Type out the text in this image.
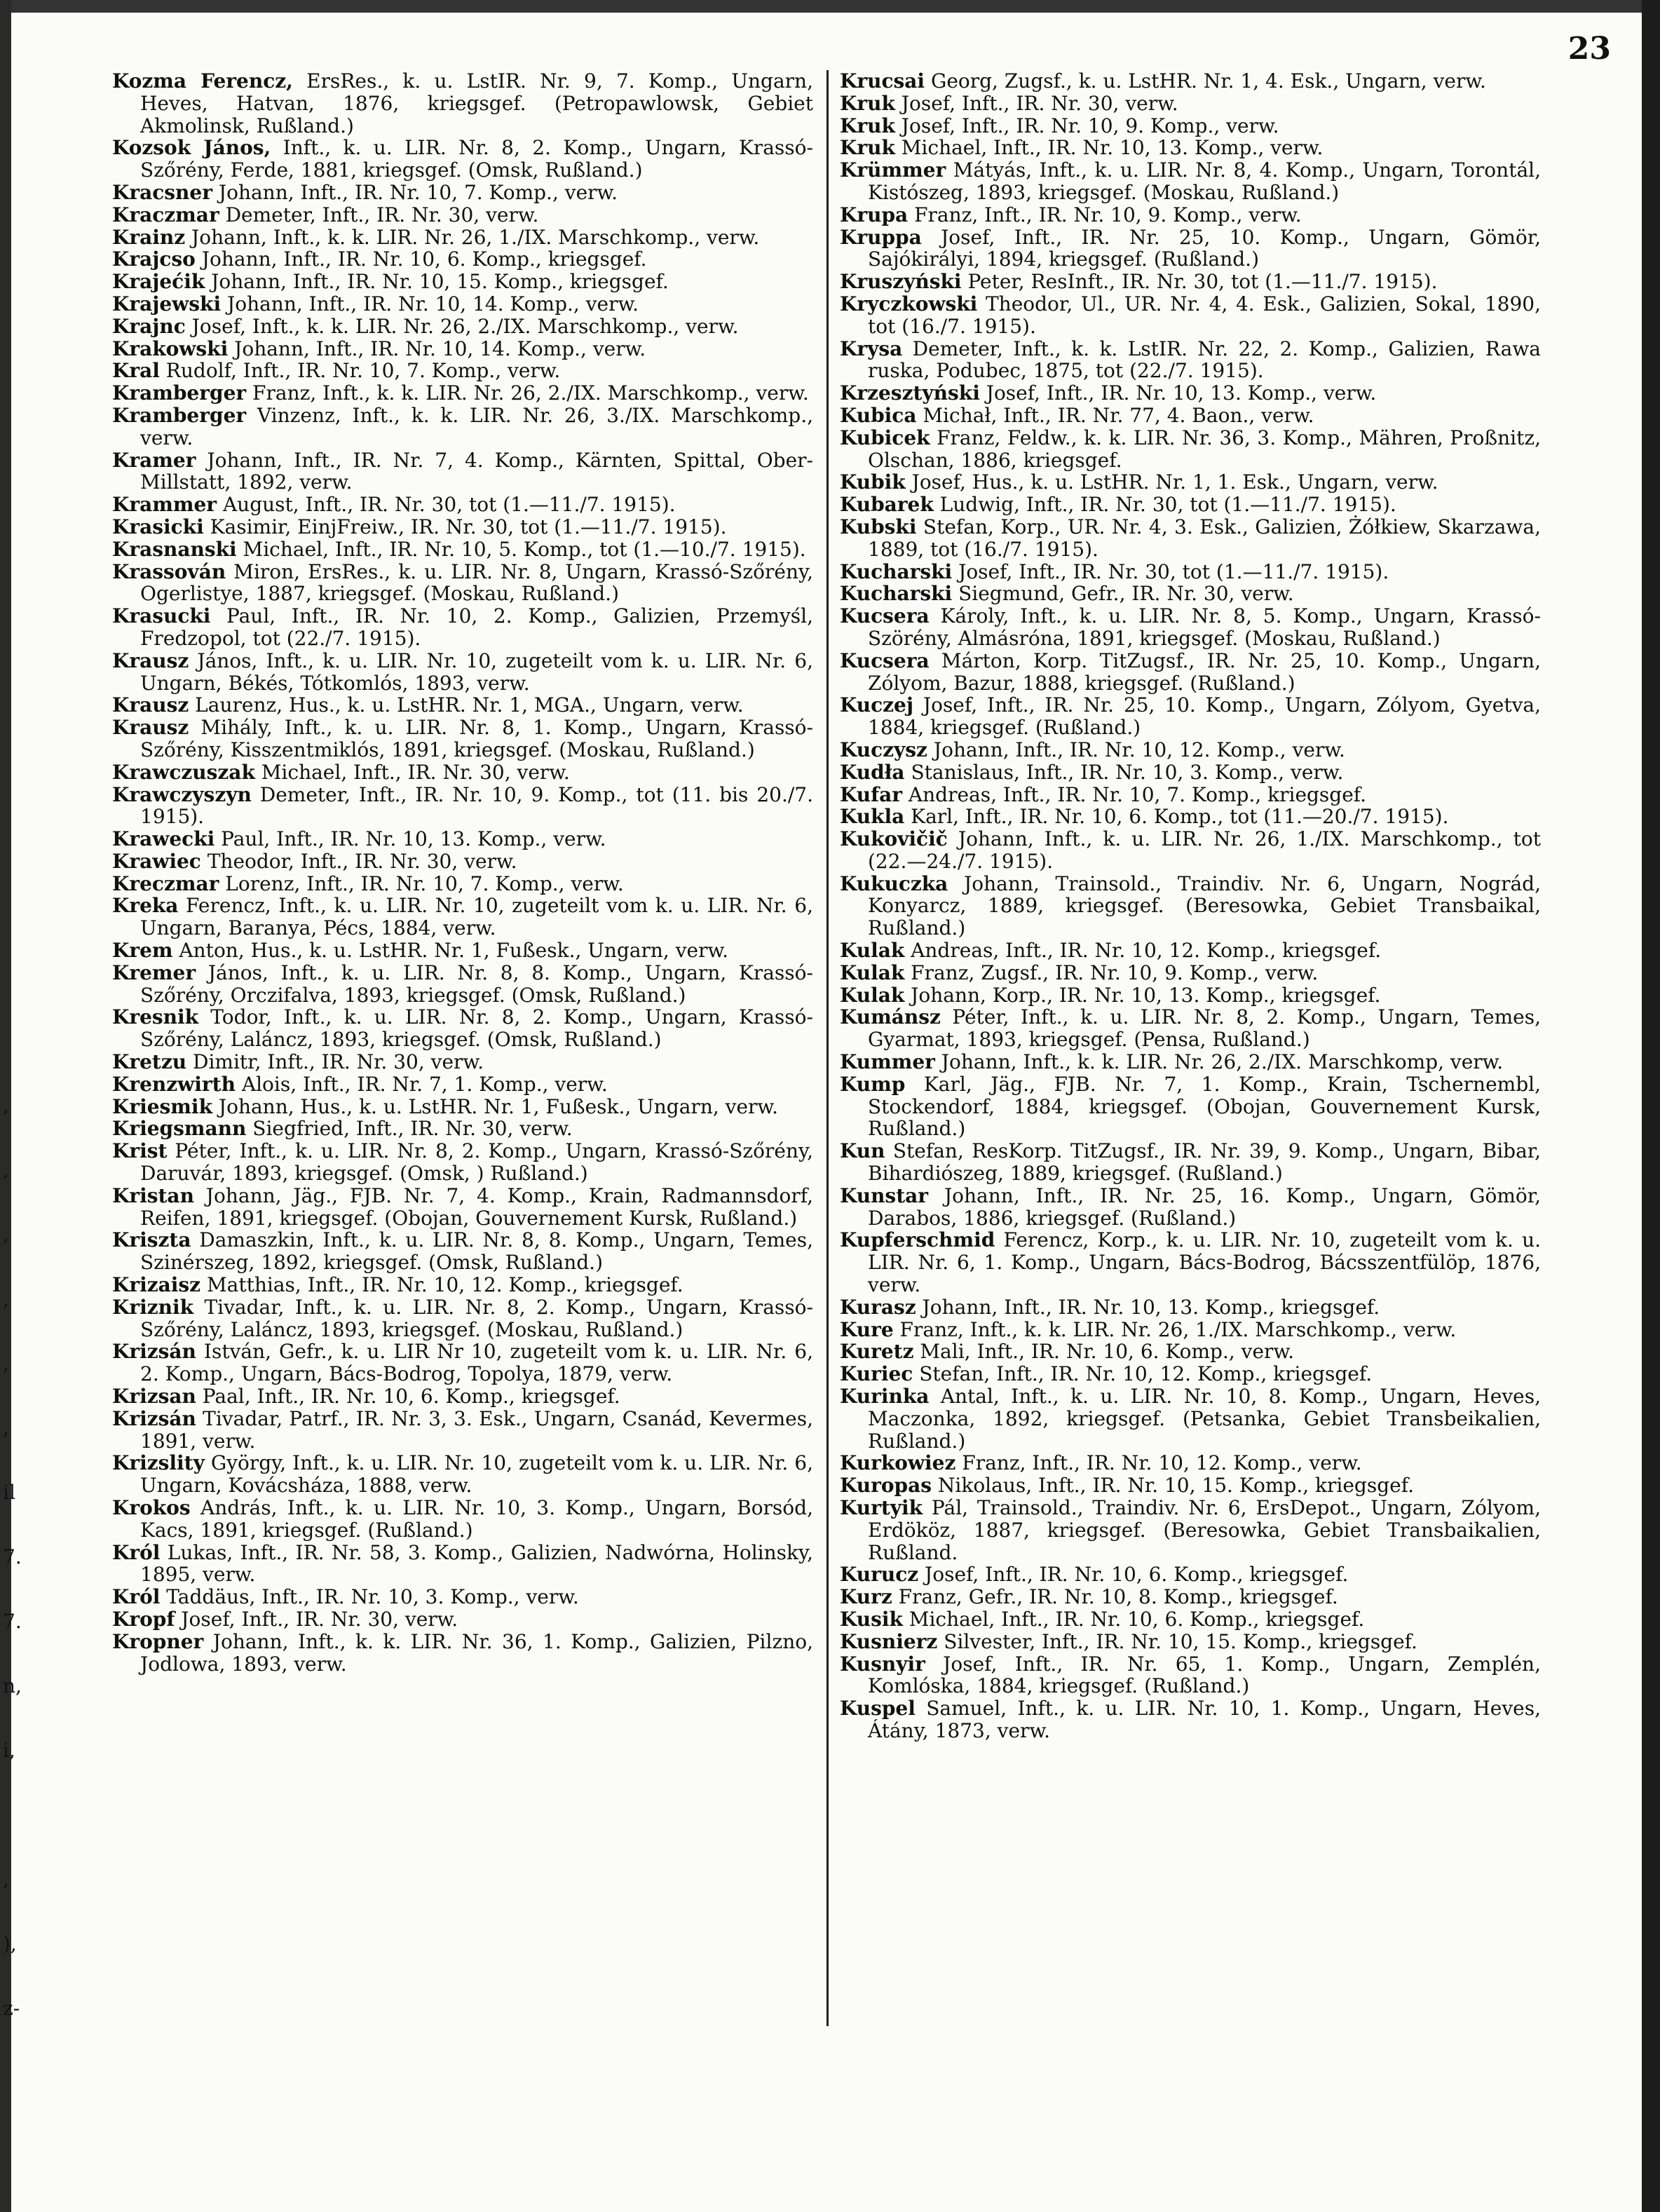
23
,
,
,
,
,
,
il
7.
7.
n,
i,
,
),
z-

Kozma Ferencz, ErsRes., k. u. LstIR. Nr. 9, 7. Komp., Ungarn, Heves, Hatvan, 1876, kriegsgef. (Petropawlowsk, Gebiet Akmolinsk, Rußland.)

Kozsok János, Inft., k. u. LIR. Nr. 8, 2. Komp., Ungarn, Krassó-Szőrény, Ferde, 1881, kriegsgef. (Omsk, Rußland.)

Kracsner Johann, Inft., IR. Nr. 10, 7. Komp., verw.

Kraczmar Demeter, Inft., IR. Nr. 30, verw.

Krainz Johann, Inft., k. k. LIR. Nr. 26, 1./IX. Marschkomp., verw.

Krajcso Johann, Inft., IR. Nr. 10, 6. Komp., kriegsgef.

Krajećik Johann, Inft., IR. Nr. 10, 15. Komp., kriegsgef.

Krajewski Johann, Inft., IR. Nr. 10, 14. Komp., verw.

Krajnc Josef, Inft., k. k. LIR. Nr. 26, 2./IX. Marschkomp., verw.

Krakowski Johann, Inft., IR. Nr. 10, 14. Komp., verw.

Kral Rudolf, Inft., IR. Nr. 10, 7. Komp., verw.

Kramberger Franz, Inft., k. k. LIR. Nr. 26, 2./IX. Marschkomp., verw.

Kramberger Vinzenz, Inft., k. k. LIR. Nr. 26, 3./IX. Marschkomp., verw.

Kramer Johann, Inft., IR. Nr. 7, 4. Komp., Kärnten, Spittal, Ober-Millstatt, 1892, verw.

Krammer August, Inft., IR. Nr. 30, tot (1.—11./7. 1915).

Krasicki Kasimir, EinjFreiw., IR. Nr. 30, tot (1.—11./7. 1915).

Krasnanski Michael, Inft., IR. Nr. 10, 5. Komp., tot (1.—10./7. 1915).

Krassován Miron, ErsRes., k. u. LIR. Nr. 8, Ungarn, Krassó-Szőrény, Ogerlistye, 1887, kriegsgef. (Moskau, Rußland.)

Krasucki Paul, Inft., IR. Nr. 10, 2. Komp., Galizien, Przemyśl, Fredzopol, tot (22./7. 1915).

Krausz János, Inft., k. u. LIR. Nr. 10, zugeteilt vom k. u. LIR. Nr. 6, Ungarn, Békés, Tótkomlós, 1893, verw.

Krausz Laurenz, Hus., k. u. LstHR. Nr. 1, MGA., Ungarn, verw.

Krausz Mihály, Inft., k. u. LIR. Nr. 8, 1. Komp., Ungarn, Krassó-Szőrény, Kisszentmiklós, 1891, kriegsgef. (Moskau, Rußland.)

Krawczuszak Michael, Inft., IR. Nr. 30, verw.

Krawczyszyn Demeter, Inft., IR. Nr. 10, 9. Komp., tot (11. bis 20./7. 1915).

Krawecki Paul, Inft., IR. Nr. 10, 13. Komp., verw.

Krawiec Theodor, Inft., IR. Nr. 30, verw.

Kreczmar Lorenz, Inft., IR. Nr. 10, 7. Komp., verw.

Kreka Ferencz, Inft., k. u. LIR. Nr. 10, zugeteilt vom k. u. LIR. Nr. 6, Ungarn, Baranya, Pécs, 1884, verw.

Krem Anton, Hus., k. u. LstHR. Nr. 1, Fußesk., Ungarn, verw.

Kremer János, Inft., k. u. LIR. Nr. 8, 8. Komp., Ungarn, Krassó-Szőrény, Orczifalva, 1893, kriegsgef. (Omsk, Rußland.)

Kresnik Todor, Inft., k. u. LIR. Nr. 8, 2. Komp., Ungarn, Krassó-Szőrény, Laláncz, 1893, kriegsgef. (Omsk, Rußland.)

Kretzu Dimitr, Inft., IR. Nr. 30, verw.

Krenzwirth Alois, Inft., IR. Nr. 7, 1. Komp., verw.

Kriesmik Johann, Hus., k. u. LstHR. Nr. 1, Fußesk., Ungarn, verw.

Kriegsmann Siegfried, Inft., IR. Nr. 30, verw.

Krist Péter, Inft., k. u. LIR. Nr. 8, 2. Komp., Ungarn, Krassó-Szőrény, Daruvár, 1893, kriegsgef. (Omsk, ) Rußland.)

Kristan Johann, Jäg., FJB. Nr. 7, 4. Komp., Krain, Radmannsdorf, Reifen, 1891, kriegsgef. (Obojan, Gouvernement Kursk, Rußland.)

Kriszta Damaszkin, Inft., k. u. LIR. Nr. 8, 8. Komp., Ungarn, Temes, Szinérszeg, 1892, kriegsgef. (Omsk, Rußland.)

Krizaisz Matthias, Inft., IR. Nr. 10, 12. Komp., kriegsgef.

Kriznik Tivadar, Inft., k. u. LIR. Nr. 8, 2. Komp., Ungarn, Krassó-Szőrény, Laláncz, 1893, kriegsgef. (Moskau, Rußland.)

Krizsán István, Gefr., k. u. LIR Nr 10, zugeteilt vom k. u. LIR. Nr. 6, 2. Komp., Ungarn, Bács-Bodrog, Topolya, 1879, verw.

Krizsan Paal, Inft., IR. Nr. 10, 6. Komp., kriegsgef.

Krizsán Tivadar, Patrf., IR. Nr. 3, 3. Esk., Ungarn, Csanád, Kevermes, 1891, verw.

Krizslity György, Inft., k. u. LIR. Nr. 10, zugeteilt vom k. u. LIR. Nr. 6, Ungarn, Kovácsháza, 1888, verw.

Krokos András, Inft., k. u. LIR. Nr. 10, 3. Komp., Ungarn, Borsód, Kacs, 1891, kriegsgef. (Rußland.)

Król Lukas, Inft., IR. Nr. 58, 3. Komp., Galizien, Nadwórna, Holinsky, 1895, verw.

Król Taddäus, Inft., IR. Nr. 10, 3. Komp., verw.

Kropf Josef, Inft., IR. Nr. 30, verw.

Kropner Johann, Inft., k. k. LIR. Nr. 36, 1. Komp., Galizien, Pilzno, Jodlowa, 1893, verw.

Krucsai Georg, Zugsf., k. u. LstHR. Nr. 1, 4. Esk., Ungarn, verw.

Kruk Josef, Inft., IR. Nr. 30, verw.

Kruk Josef, Inft., IR. Nr. 10, 9. Komp., verw.

Kruk Michael, Inft., IR. Nr. 10, 13. Komp., verw.

Krümmer Mátyás, Inft., k. u. LIR. Nr. 8, 4. Komp., Ungarn, Torontál, Kistószeg, 1893, kriegsgef. (Moskau, Rußland.)

Krupa Franz, Inft., IR. Nr. 10, 9. Komp., verw.

Kruppa Josef, Inft., IR. Nr. 25, 10. Komp., Ungarn, Gömör, Sajókirályi, 1894, kriegsgef. (Rußland.)

Kruszyński Peter, ResInft., IR. Nr. 30, tot (1.—11./7. 1915).

Kryczkowski Theodor, Ul., UR. Nr. 4, 4. Esk., Galizien, Sokal, 1890, tot (16./7. 1915).

Krysa Demeter, Inft., k. k. LstIR. Nr. 22, 2. Komp., Galizien, Rawa ruska, Podubec, 1875, tot (22./7. 1915).

Krzesztyński Josef, Inft., IR. Nr. 10, 13. Komp., verw.

Kubica Michał, Inft., IR. Nr. 77, 4. Baon., verw.

Kubicek Franz, Feldw., k. k. LIR. Nr. 36, 3. Komp., Mähren, Proßnitz, Olschan, 1886, kriegsgef.

Kubik Josef, Hus., k. u. LstHR. Nr. 1, 1. Esk., Ungarn, verw.

Kubarek Ludwig, Inft., IR. Nr. 30, tot (1.—11./7. 1915).

Kubski Stefan, Korp., UR. Nr. 4, 3. Esk., Galizien, Żółkiew, Skarzawa, 1889, tot (16./7. 1915).

Kucharski Josef, Inft., IR. Nr. 30, tot (1.—11./7. 1915).

Kucharski Siegmund, Gefr., IR. Nr. 30, verw.

Kucsera Károly, Inft., k. u. LIR. Nr. 8, 5. Komp., Ungarn, Krassó-Szörény, Almásróna, 1891, kriegsgef. (Moskau, Rußland.)

Kucsera Márton, Korp. TitZugsf., IR. Nr. 25, 10. Komp., Ungarn, Zólyom, Bazur, 1888, kriegsgef. (Rußland.)

Kuczej Josef, Inft., IR. Nr. 25, 10. Komp., Ungarn, Zólyom, Gyetva, 1884, kriegsgef. (Rußland.)

Kuczysz Johann, Inft., IR. Nr. 10, 12. Komp., verw.

Kudła Stanislaus, Inft., IR. Nr. 10, 3. Komp., verw.

Kufar Andreas, Inft., IR. Nr. 10, 7. Komp., kriegsgef.

Kukla Karl, Inft., IR. Nr. 10, 6. Komp., tot (11.—20./7. 1915).

Kukovičič Johann, Inft., k. u. LIR. Nr. 26, 1./IX. Marschkomp., tot (22.—24./7. 1915).

Kukuczka Johann, Trainsold., Traindiv. Nr. 6, Ungarn, Nográd, Konyarcz, 1889, kriegsgef. (Beresowka, Gebiet Transbaikal, Rußland.)

Kulak Andreas, Inft., IR. Nr. 10, 12. Komp., kriegsgef.

Kulak Franz, Zugsf., IR. Nr. 10, 9. Komp., verw.

Kulak Johann, Korp., IR. Nr. 10, 13. Komp., kriegsgef.

Kumánsz Péter, Inft., k. u. LIR. Nr. 8, 2. Komp., Ungarn, Temes, Gyarmat, 1893, kriegsgef. (Pensa, Rußland.)

Kummer Johann, Inft., k. k. LIR. Nr. 26, 2./IX. Marschkomp, verw.

Kump Karl, Jäg., FJB. Nr. 7, 1. Komp., Krain, Tschernembl, Stockendorf, 1884, kriegsgef. (Obojan, Gouvernement Kursk, Rußland.)

Kun Stefan, ResKorp. TitZugsf., IR. Nr. 39, 9. Komp., Ungarn, Bibar, Bihardiószeg, 1889, kriegsgef. (Rußland.)

Kunstar Johann, Inft., IR. Nr. 25, 16. Komp., Ungarn, Gömör, Darabos, 1886, kriegsgef. (Rußland.)

Kupferschmid Ferencz, Korp., k. u. LIR. Nr. 10, zugeteilt vom k. u. LIR. Nr. 6, 1. Komp., Ungarn, Bács-Bodrog, Bácsszentfülöp, 1876, verw.

Kurasz Johann, Inft., IR. Nr. 10, 13. Komp., kriegsgef.

Kure Franz, Inft., k. k. LIR. Nr. 26, 1./IX. Marschkomp., verw.

Kuretz Mali, Inft., IR. Nr. 10, 6. Komp., verw.

Kuriec Stefan, Inft., IR. Nr. 10, 12. Komp., kriegsgef.

Kurinka Antal, Inft., k. u. LIR. Nr. 10, 8. Komp., Ungarn, Heves, Maczonka, 1892, kriegsgef. (Petsanka, Gebiet Transbeikalien, Rußland.)

Kurkowiez Franz, Inft., IR. Nr. 10, 12. Komp., verw.

Kuropas Nikolaus, Inft., IR. Nr. 10, 15. Komp., kriegsgef.

Kurtyik Pál, Trainsold., Traindiv. Nr. 6, ErsDepot., Ungarn, Zólyom, Erdököz, 1887, kriegsgef. (Beresowka, Gebiet Transbaikalien, Rußland.

Kurucz Josef, Inft., IR. Nr. 10, 6. Komp., kriegsgef.

Kurz Franz, Gefr., IR. Nr. 10, 8. Komp., kriegsgef.

Kusik Michael, Inft., IR. Nr. 10, 6. Komp., kriegsgef.

Kusnierz Silvester, Inft., IR. Nr. 10, 15. Komp., kriegsgef.

Kusnyir Josef, Inft., IR. Nr. 65, 1. Komp., Ungarn, Zemplén, Komlóska, 1884, kriegsgef. (Rußland.)

Kuspel Samuel, Inft., k. u. LIR. Nr. 10, 1. Komp., Ungarn, Heves, Átány, 1873, verw.
